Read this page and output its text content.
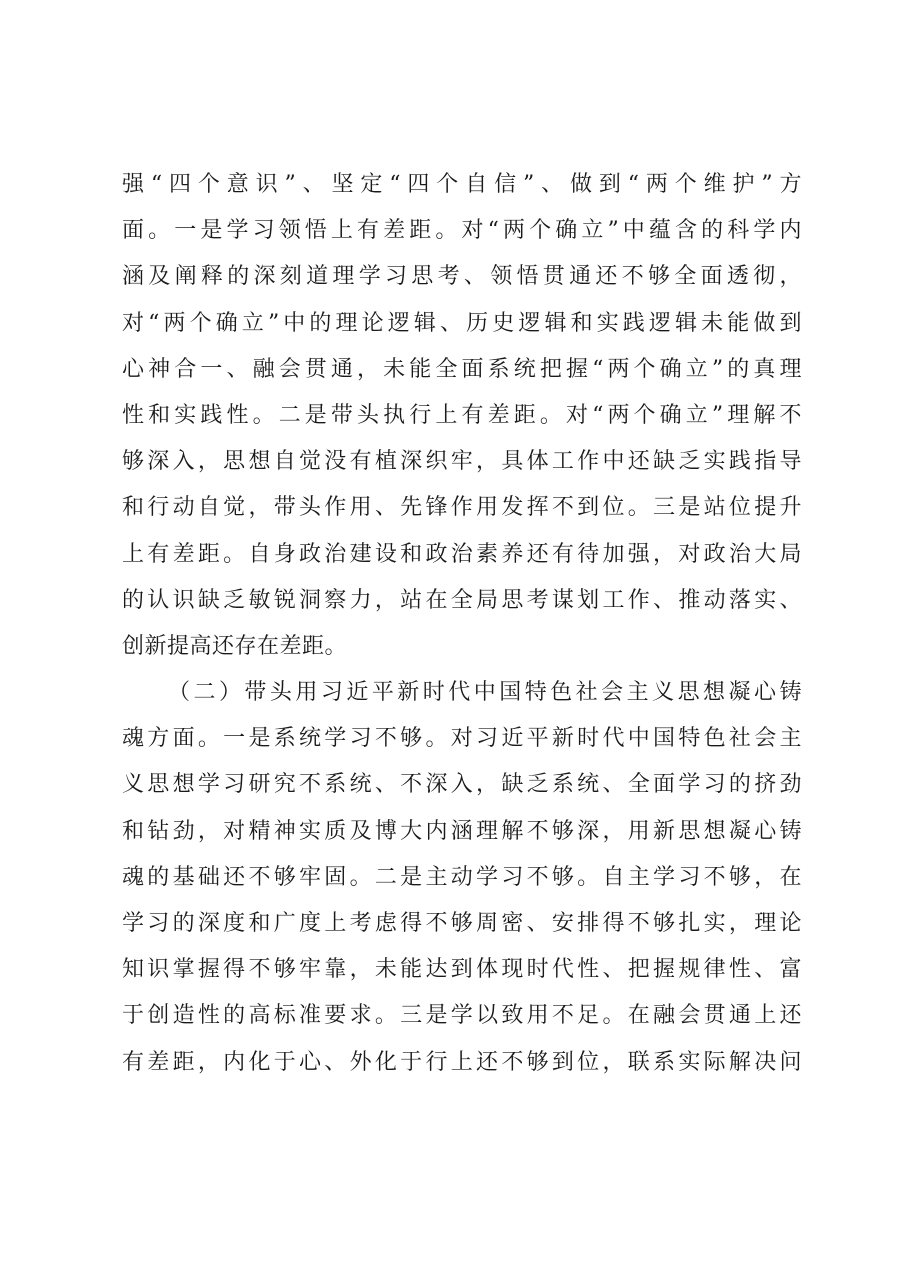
强“四个意识”、坚定“四个自信”、做到“两个维护”方
面。一是学习领悟上有差距。对“两个确立”中蕴含的科学内
涵及阐释的深刻道理学习思考、领悟贯通还不够全面透彻，
对“两个确立”中的理论逻辑、历史逻辑和实践逻辑未能做到
心神合一、融会贯通，未能全面系统把握“两个确立”的真理
性和实践性。二是带头执行上有差距。对“两个确立”理解不
够深入，思想自觉没有植深织牢，具体工作中还缺乏实践指导
和行动自觉，带头作用、先锋作用发挥不到位。三是站位提升
上有差距。自身政治建设和政治素养还有待加强，对政治大局
的认识缺乏敏锐洞察力，站在全局思考谋划工作、推动落实、
创新提高还存在差距。
（二）带头用习近平新时代中国特色社会主义思想凝心铸
魂方面。一是系统学习不够。对习近平新时代中国特色社会主
义思想学习研究不系统、不深入，缺乏系统、全面学习的挤劲
和钻劲，对精神实质及博大内涵理解不够深，用新思想凝心铸
魂的基础还不够牢固。二是主动学习不够。自主学习不够，在
学习的深度和广度上考虑得不够周密、安排得不够扎实，理论
知识掌握得不够牢靠，未能达到体现时代性、把握规律性、富
于创造性的高标准要求。三是学以致用不足。在融会贯通上还
有差距，内化于心、外化于行上还不够到位，联系实际解决问
